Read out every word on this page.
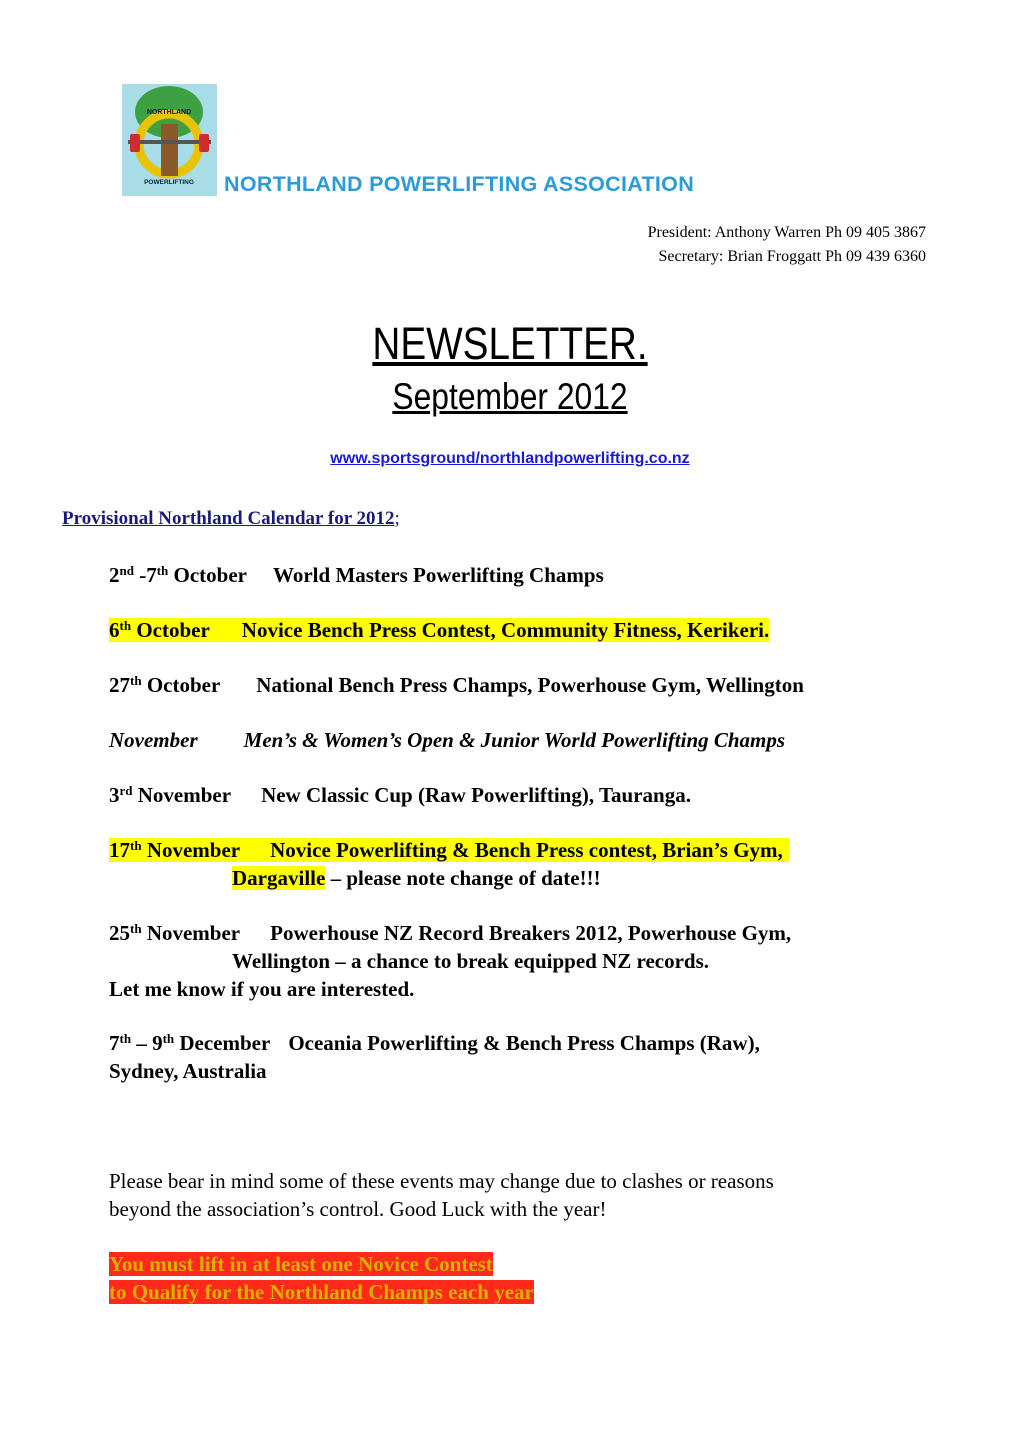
NORTHLAND
POWERLIFTING NORTHLAND POWERLIFTING ASSOCIATION
President: Anthony Warren Ph 09 405 3867
Secretary: Brian Froggatt Ph 09 439 6360
NEWSLETTER.
September 2012
www.sportsground/northlandpowerlifting.co.nz
Provisional Northland Calendar for 2012;
2nd -7th October World Masters Powerlifting Champs
6th October Novice Bench Press Contest, Community Fitness, Kerikeri.
27th October National Bench Press Champs, Powerhouse Gym, Wellington
November Men’s & Women’s Open & Junior World Powerlifting Champs
3rd November New Classic Cup (Raw Powerlifting), Tauranga.
17th November Novice Powerlifting & Bench Press contest, Brian’s Gym,
Dargaville – please note change of date!!!
25th November Powerhouse NZ Record Breakers 2012, Powerhouse Gym,
Wellington – a chance to break equipped NZ records.
Let me know if you are interested.
7th – 9th December Oceania Powerlifting & Bench Press Champs (Raw),
Sydney, Australia
Please bear in mind some of these events may change due to clashes or reasons
beyond the association’s control. Good Luck with the year!
You must lift in at least one Novice Contest
to Qualify for the Northland Champs each year
